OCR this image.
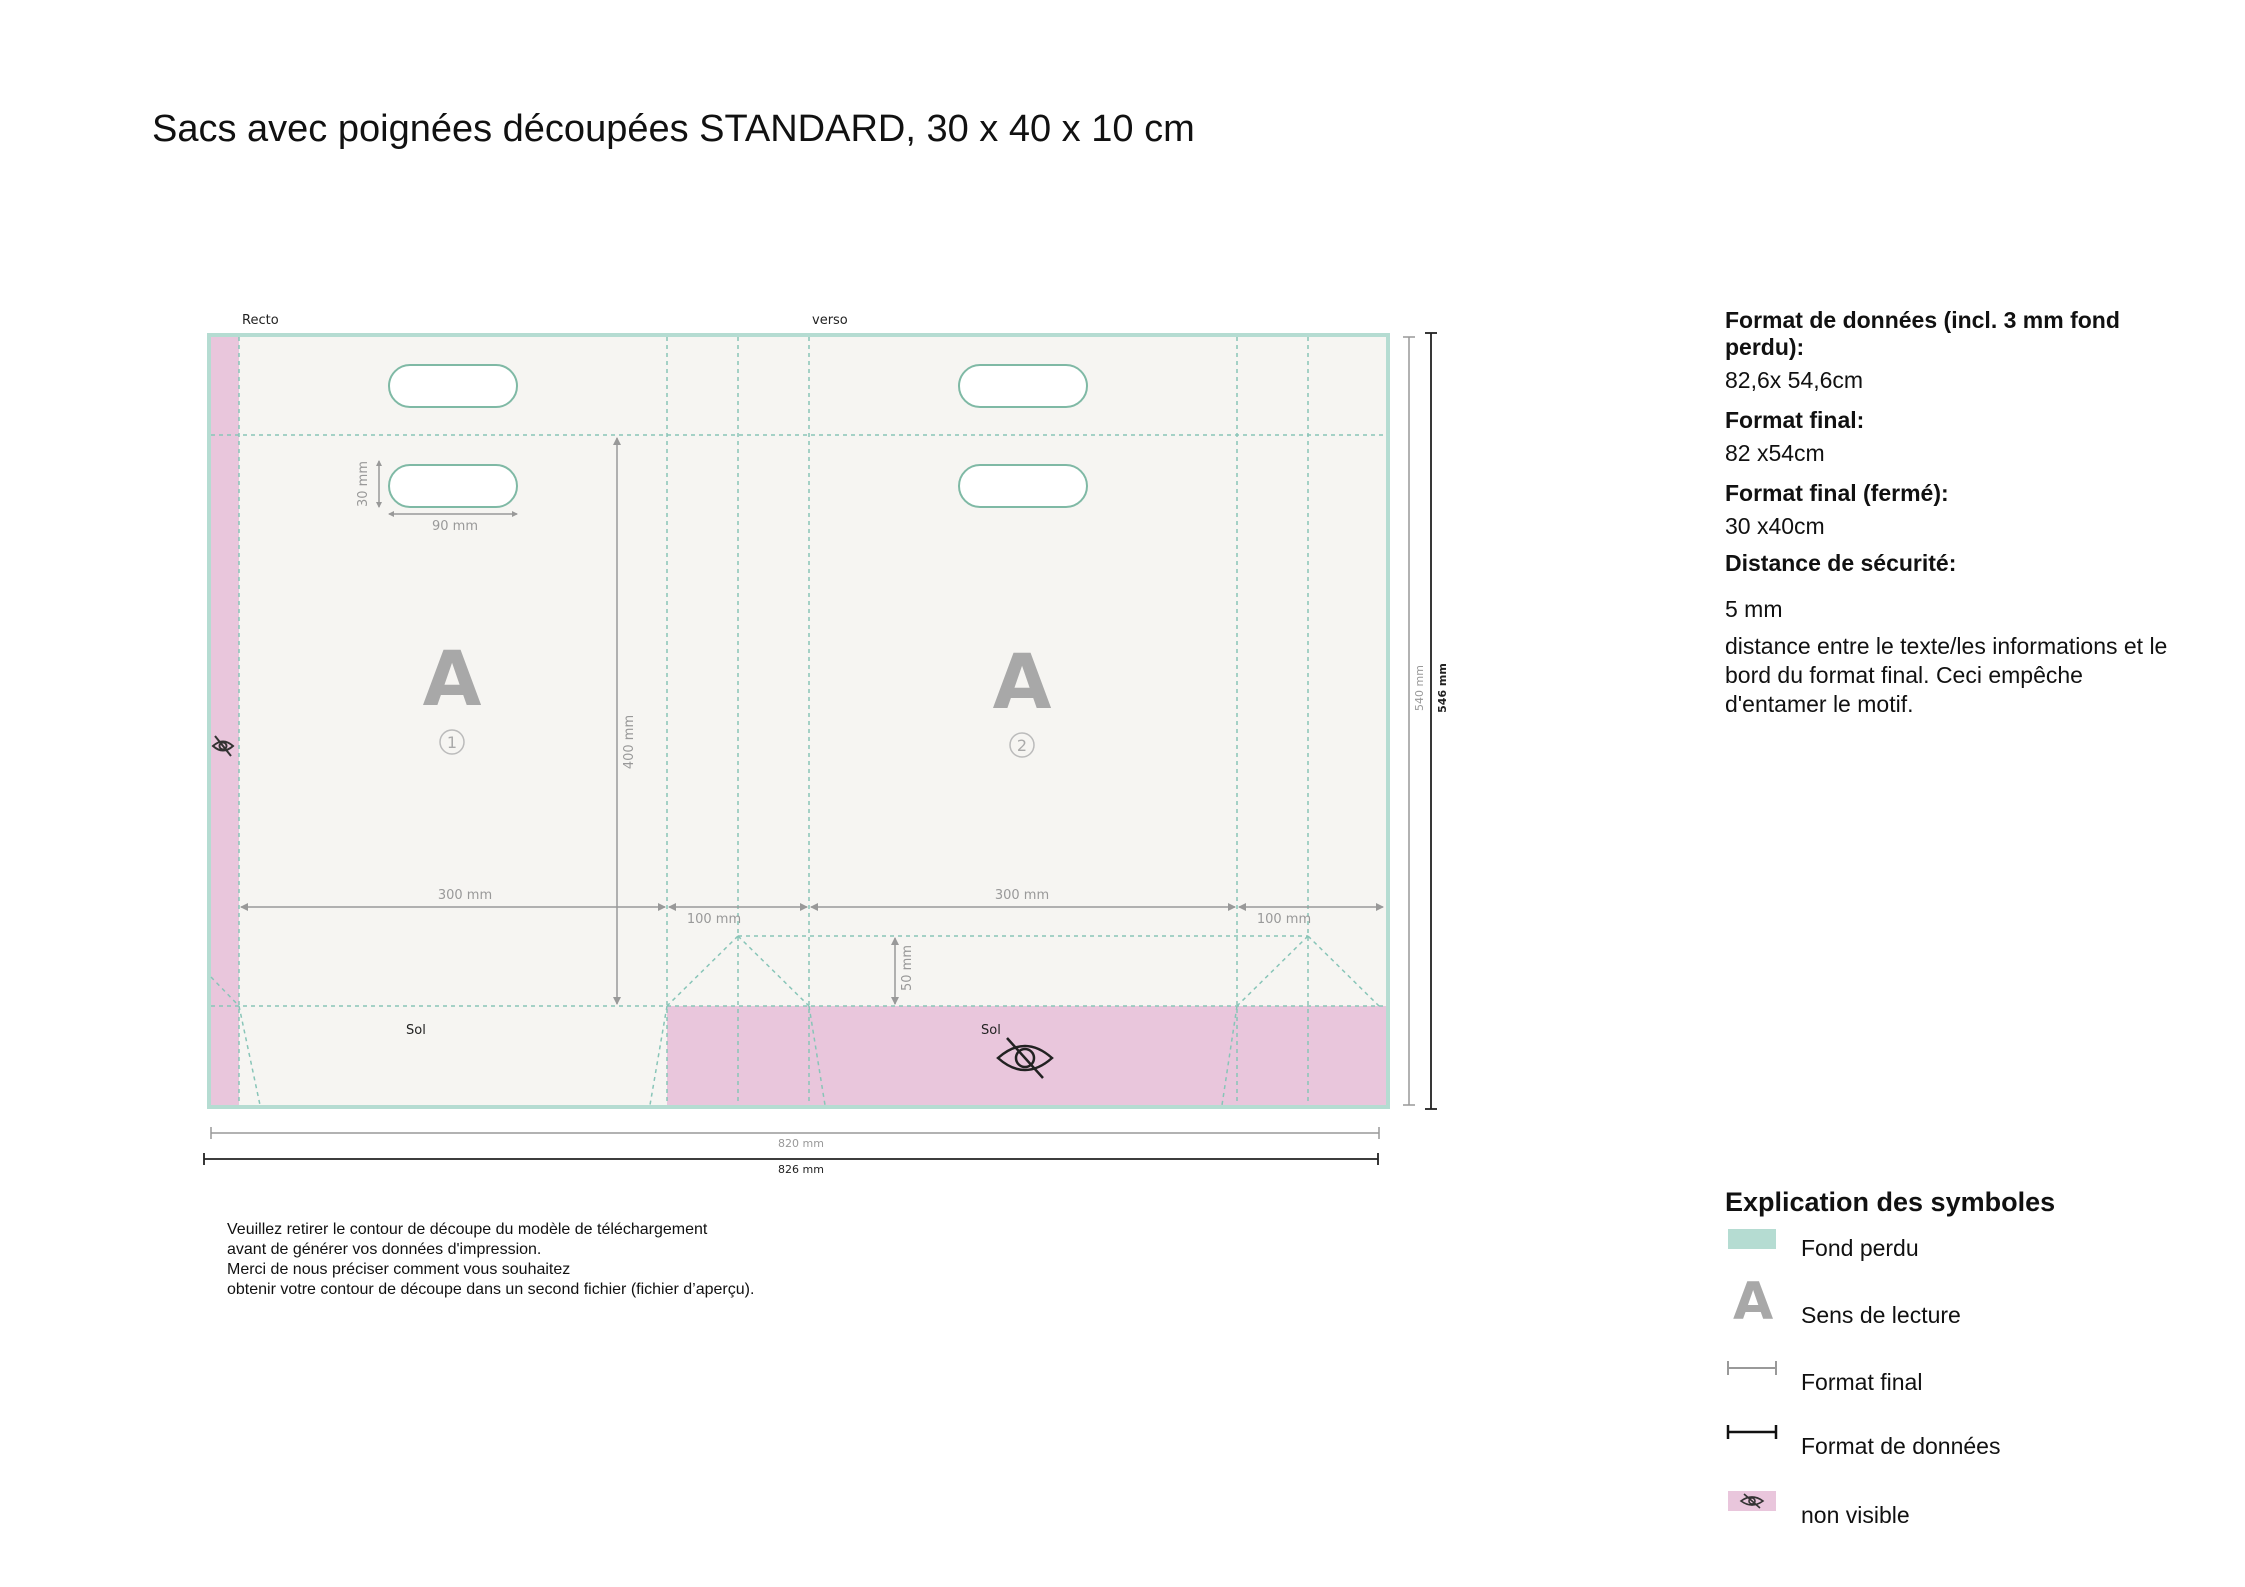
Sacs avec poignées découpées STANDARD, 30 x 40 x 10 cm
Recto	verso
Sol	Sol
A	A
1	2
30 mm
90 mm
400 mm
300 mm
100 mm
300 mm
100 mm
50 mm
820 mm
826 mm
540 mm 546 mm
Format de données (incl. 3 mm fond perdu):
82,6x 54,6cm
Format final:
82 x54cm
Format final (fermé):
30 x40cm
Distance de sécurité:
5 mm
distance entre le texte/les informations et le bord du format final. Ceci empêche d'entamer le motif.
Veuillez retirer le contour de découpe du modèle de téléchargement
avant de générer vos données d'impression.
Merci de nous préciser comment vous souhaitez
obtenir votre contour de découpe dans un second fichier (fichier d’aperçu).
Explication des symboles
Fond perdu
A Sens de lecture
Format final
Format de données
non visible
